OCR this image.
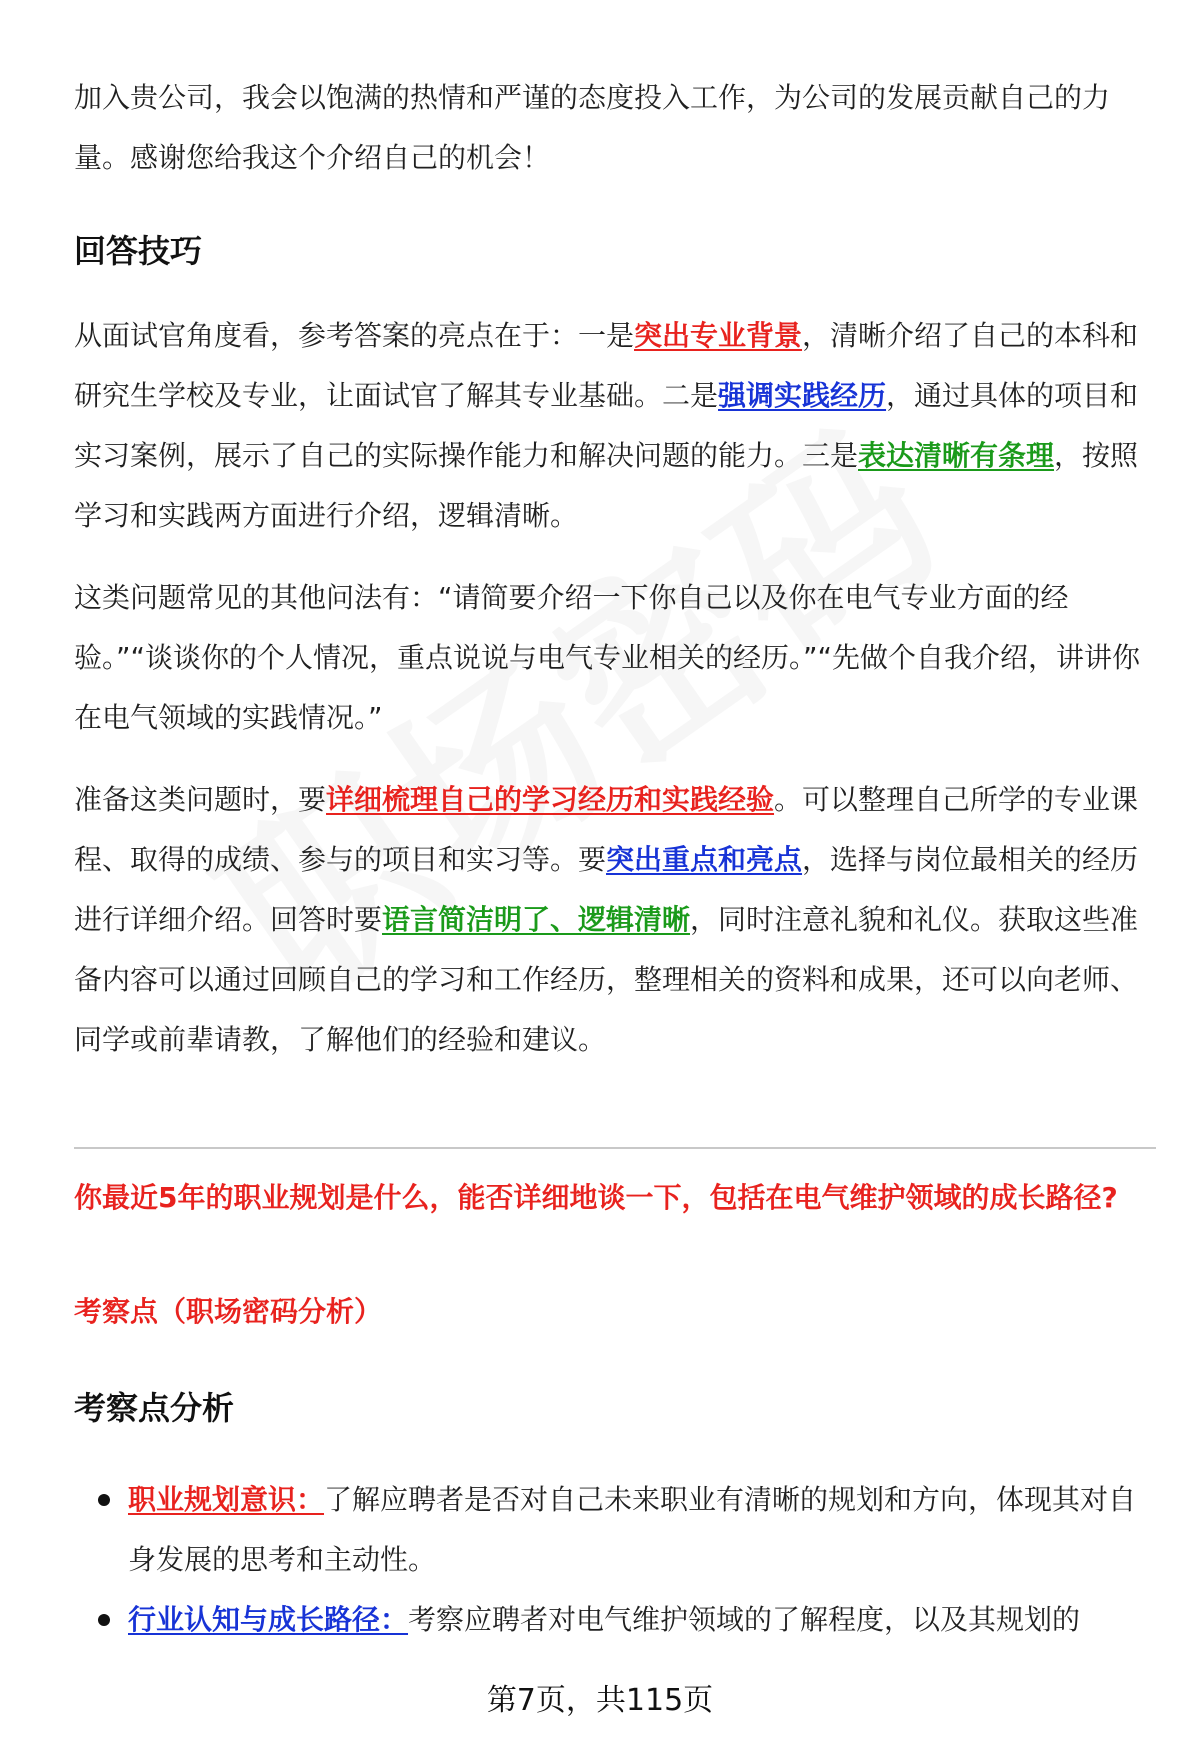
加入贵公司，我会以饱满的热情和严谨的态度投入工作，为公司的发展贡献自己的力量。感谢您给我这个介绍自己的机会！

回答技巧

从面试官角度看，参考答案的亮点在于：一是突出专业背景，清晰介绍了自己的本科和研究生学校及专业，让面试官了解其专业基础。二是强调实践经历，通过具体的项目和实习案例，展示了自己的实际操作能力和解决问题的能力。三是表达清晰有条理，按照学习和实践两方面进行介绍，逻辑清晰。

这类问题常见的其他问法有：“请简要介绍一下你自己以及你在电气专业方面的经验。”“谈谈你的个人情况，重点说说与电气专业相关的经历。”“先做个自我介绍，讲讲你在电气领域的实践情况。”

准备这类问题时，要详细梳理自己的学习经历和实践经验。可以整理自己所学的专业课程、取得的成绩、参与的项目和实习等。要突出重点和亮点，选择与岗位最相关的经历进行详细介绍。回答时要语言简洁明了、逻辑清晰，同时注意礼貌和礼仪。获取这些准备内容可以通过回顾自己的学习和工作经历，整理相关的资料和成果，还可以向老师、同学或前辈请教，了解他们的经验和建议。

你最近5年的职业规划是什么，能否详细地谈一下，包括在电气维护领域的成长路径?

考察点（职场密码分析）

考察点分析
职业规划意识：了解应聘者是否对自己未来职业有清晰的规划和方向，体现其对自身发展的思考和主动性。
行业认知与成长路径：考察应聘者对电气维护领域的了解程度，以及其规划的
第7页，共115页
